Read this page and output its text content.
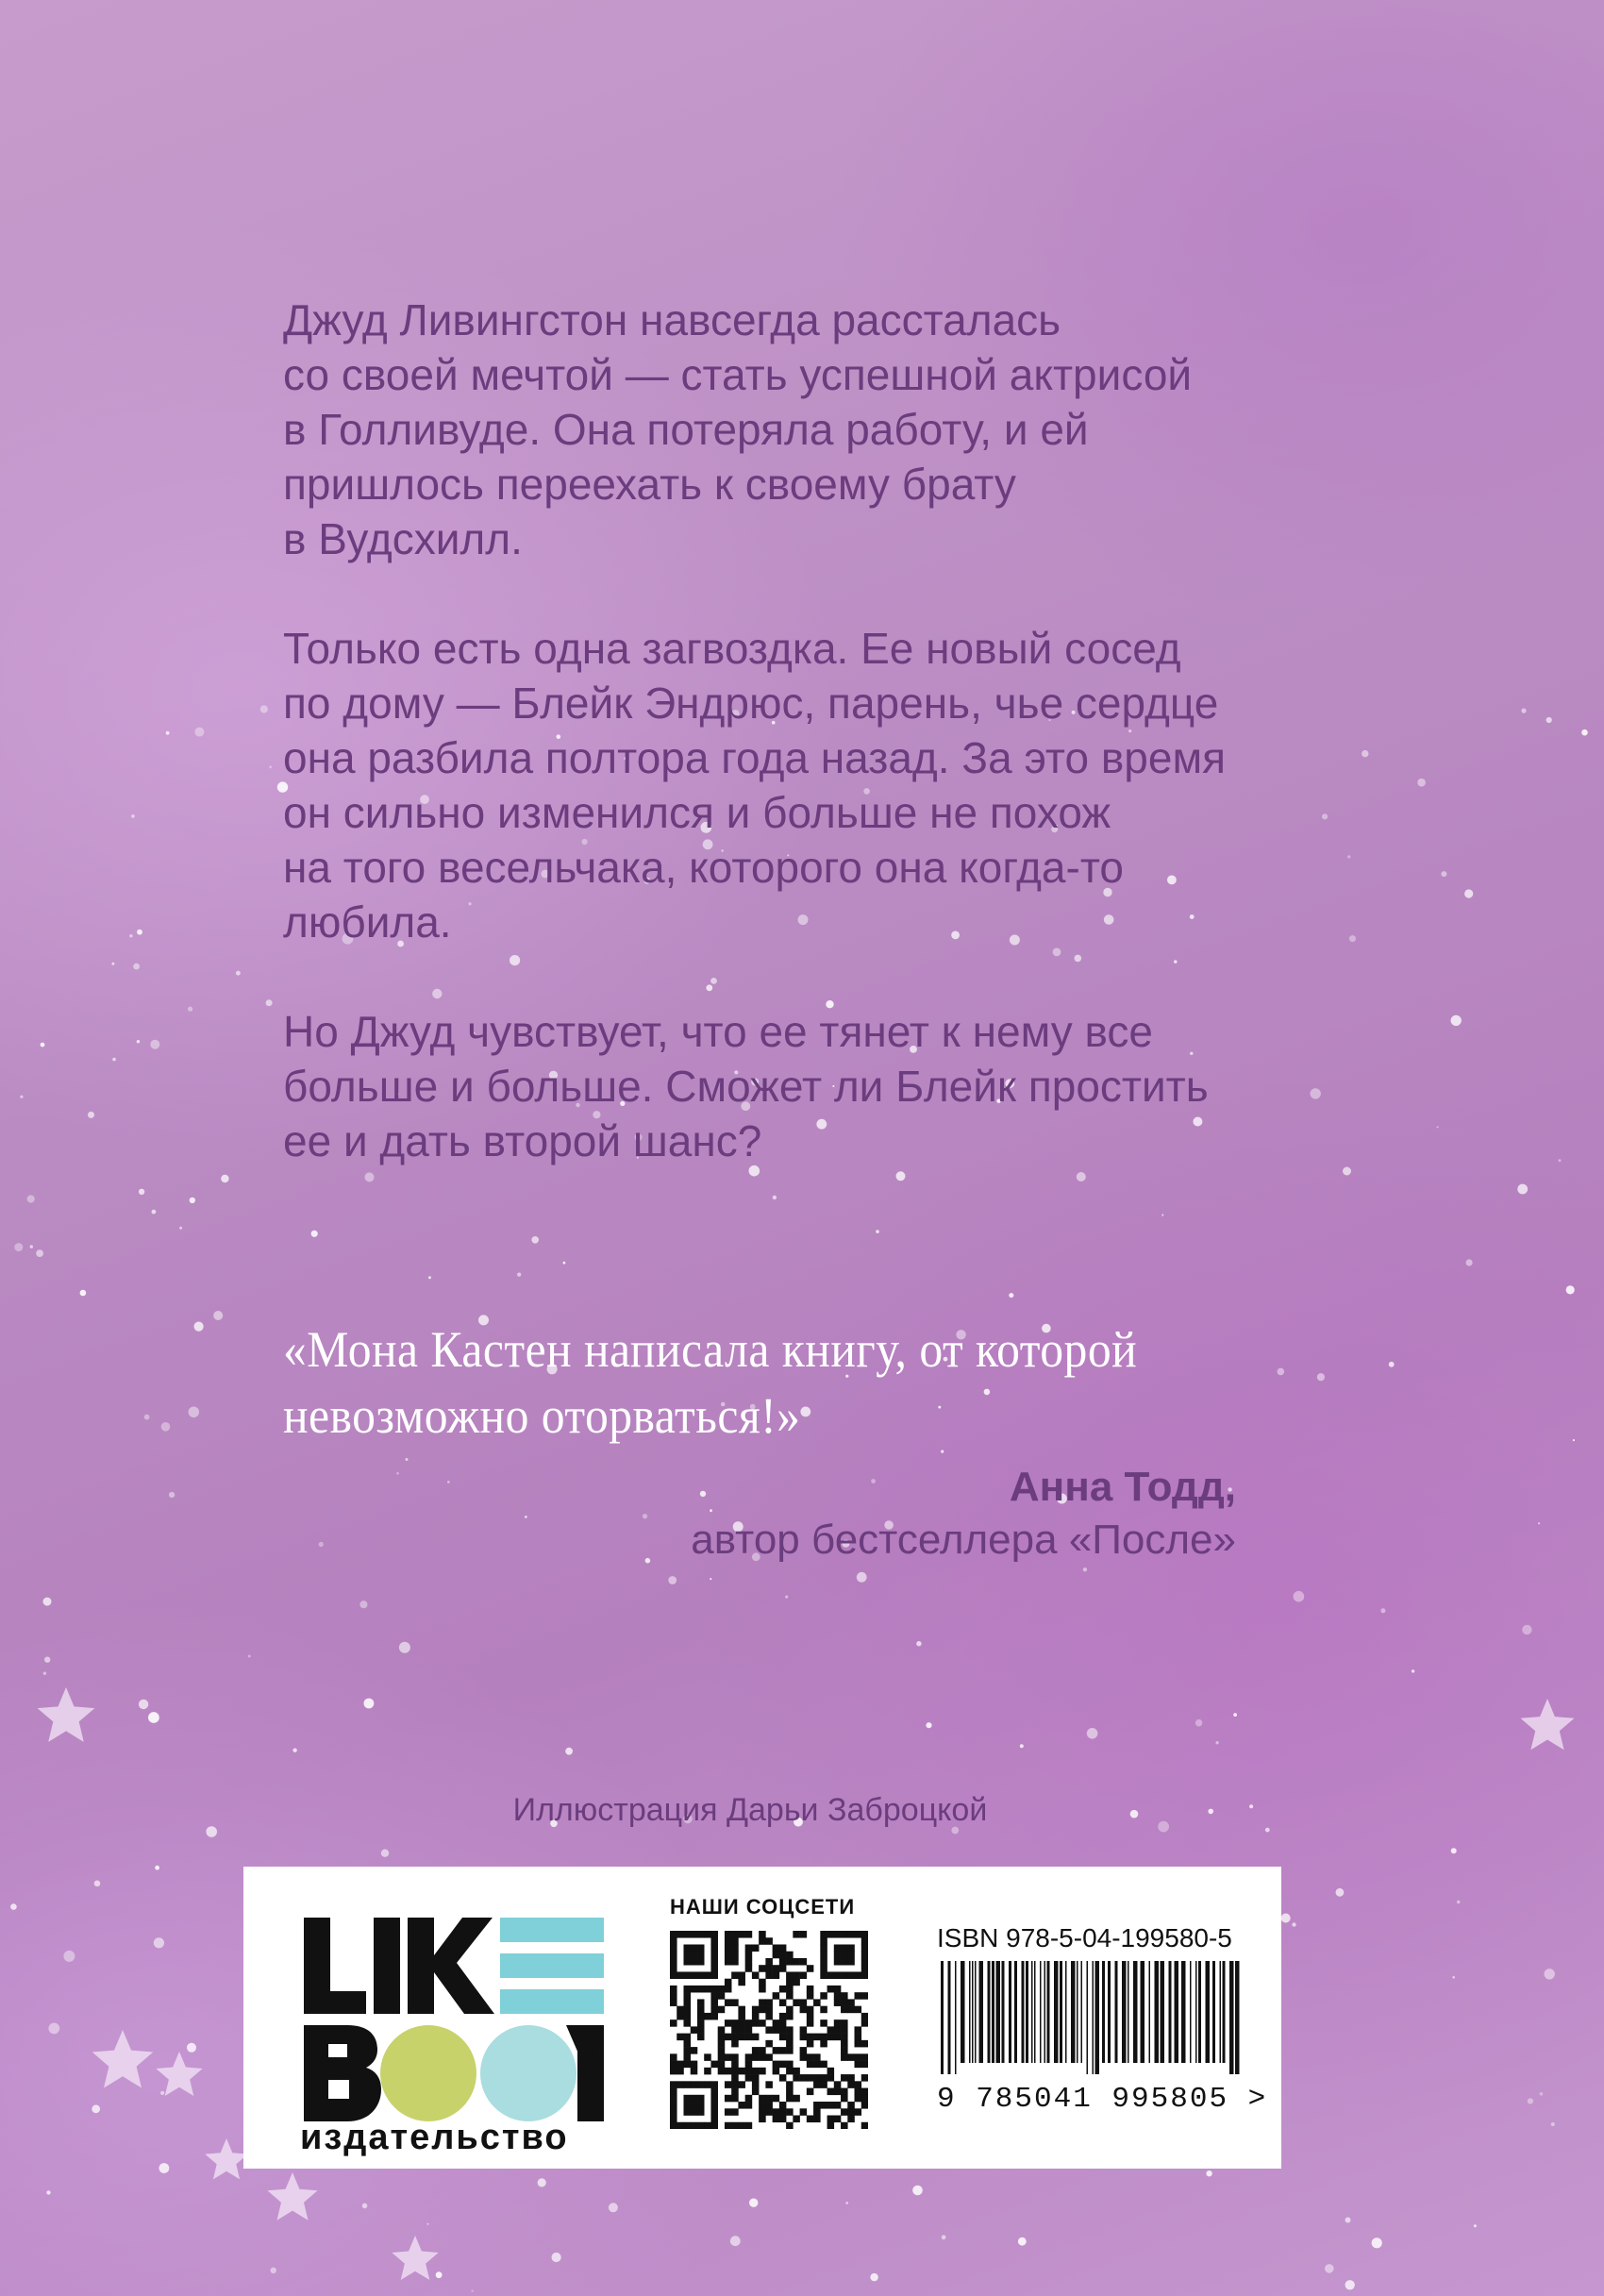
Джуд Ливингстон навсегда рассталась
со своей мечтой — стать успешной актрисой
в Голливуде. Она потеряла работу, и ей
пришлось переехать к своему брату
в Вудсхилл.

Только есть одна загвоздка. Ее новый сосед
по дому — Блейк Эндрюс, парень, чье сердце
она разбила полтора года назад. За это время
он сильно изменился и больше не похож
на того весельчака, которого она когда-то
любила.

Но Джуд чувствует, что ее тянет к нему все
больше и больше. Сможет ли Блейк простить
ее и дать второй шанс?

«Мона Кастен написала книгу, от которой
невозможно оторваться!»
Анна Тодд,
автор бестселлера «После»
Иллюстрация Дарьи Заброцкой
издательство
НАШИ СОЦСЕТИ
ISBN 978-5-04-199580-5
9 785041 995805 >
